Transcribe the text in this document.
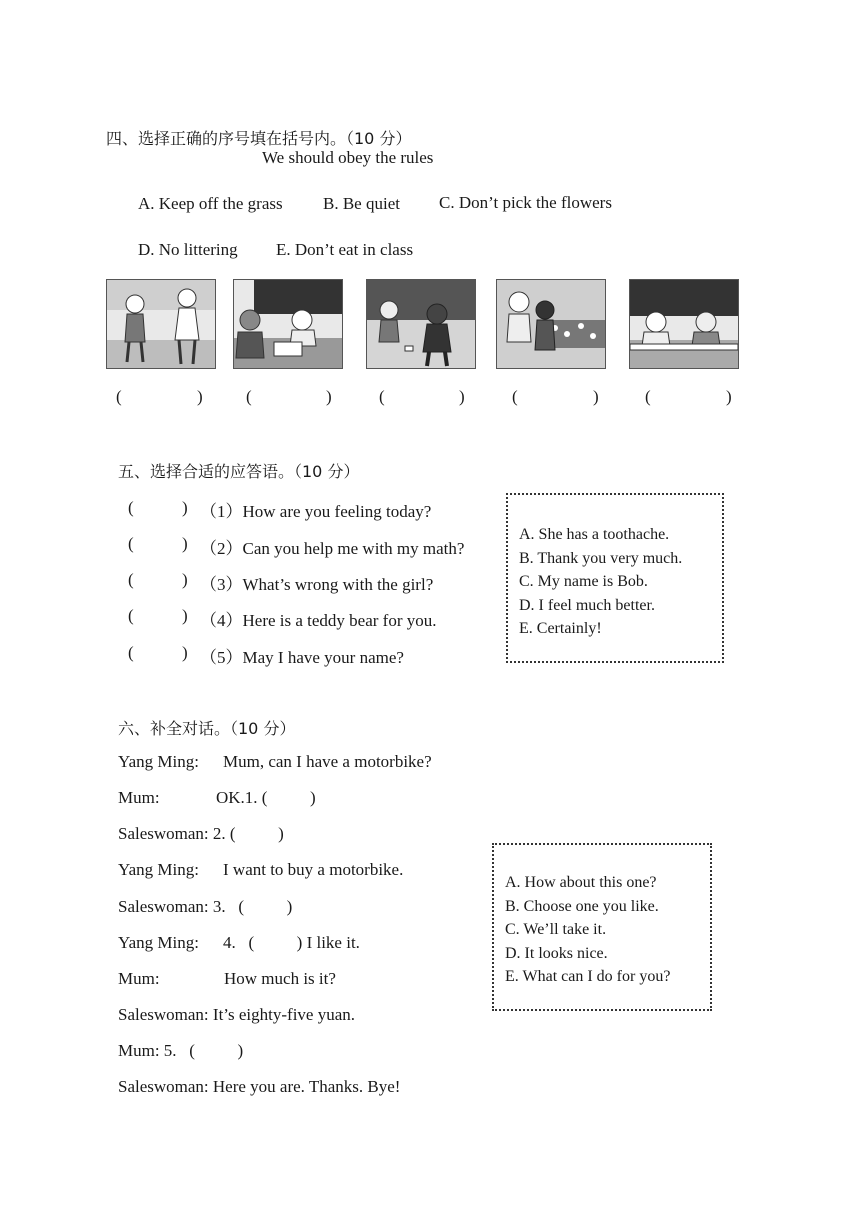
四、选择正确的序号填在括号内。（10 分）
We should obey the rules
A. Keep off the grass B. Be quiet C. Don’t pick the flowers
D. No littering E. Don’t eat in class
(	)	(	)	(	)	(	)	(	)
五、选择合适的应答语。（10 分）
(	) （1）How are you feeling today?
(	) （2）Can you help me with my math?
(	) （3）What’s wrong with the girl?
(	) （4）Here is a teddy bear for you.
(	) （5）May I have your name?
A. She has a toothache.
B. Thank you very much.
C. My name is Bob.
D. I feel much better.
E. Certainly!
六、补全对话。（10 分）
Yang Ming: Mum, can I have a motorbike?
Mum:	OK.1. (          )
Saleswoman: 2. (          )
Yang Ming: I want to buy a motorbike.
Saleswoman: 3.   (          )
Yang Ming: 4.   (          ) I like it.
Mum:	How much is it?
Saleswoman: It’s eighty-five yuan.
Mum: 5.   (          )
Saleswoman: Here you are. Thanks. Bye!
A. How about this one?
B. Choose one you like.
C. We’ll take it.
D. It looks nice.
E. What can I do for you?
